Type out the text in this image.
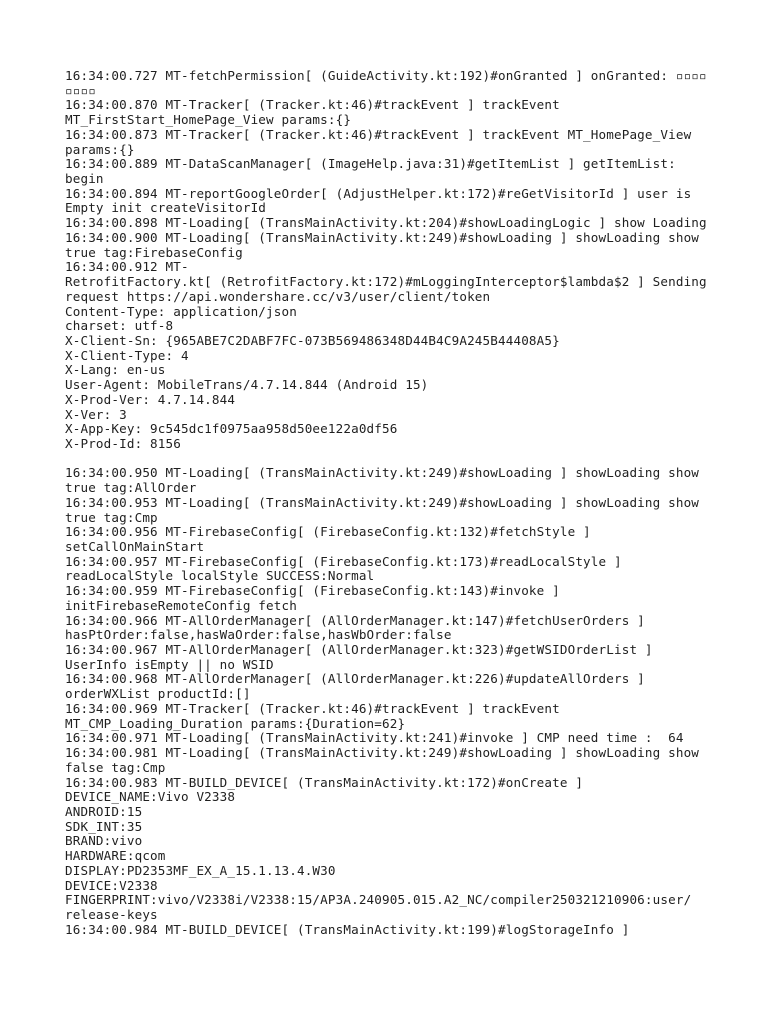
16:34:00.727 MT-fetchPermission[ (GuideActivity.kt:192)#onGranted ] onGranted: ▫▫▫▫
▫▫▫▫
16:34:00.870 MT-Tracker[ (Tracker.kt:46)#trackEvent ] trackEvent
MT_FirstStart_HomePage_View params:{}
16:34:00.873 MT-Tracker[ (Tracker.kt:46)#trackEvent ] trackEvent MT_HomePage_View
params:{}
16:34:00.889 MT-DataScanManager[ (ImageHelp.java:31)#getItemList ] getItemList:
begin
16:34:00.894 MT-reportGoogleOrder[ (AdjustHelper.kt:172)#reGetVisitorId ] user is
Empty init createVisitorId
16:34:00.898 MT-Loading[ (TransMainActivity.kt:204)#showLoadingLogic ] show Loading
16:34:00.900 MT-Loading[ (TransMainActivity.kt:249)#showLoading ] showLoading show
true tag:FirebaseConfig
16:34:00.912 MT-
RetrofitFactory.kt[ (RetrofitFactory.kt:172)#mLoggingInterceptor$lambda$2 ] Sending
request https://api.wondershare.cc/v3/user/client/token
Content-Type: application/json
charset: utf-8
X-Client-Sn: {965ABE7C2DABF7FC-073B569486348D44B4C9A245B44408A5}
X-Client-Type: 4
X-Lang: en-us
User-Agent: MobileTrans/4.7.14.844 (Android 15)
X-Prod-Ver: 4.7.14.844
X-Ver: 3
X-App-Key: 9c545dc1f0975aa958d50ee122a0df56
X-Prod-Id: 8156

16:34:00.950 MT-Loading[ (TransMainActivity.kt:249)#showLoading ] showLoading show
true tag:AllOrder
16:34:00.953 MT-Loading[ (TransMainActivity.kt:249)#showLoading ] showLoading show
true tag:Cmp
16:34:00.956 MT-FirebaseConfig[ (FirebaseConfig.kt:132)#fetchStyle ]
setCallOnMainStart
16:34:00.957 MT-FirebaseConfig[ (FirebaseConfig.kt:173)#readLocalStyle ]
readLocalStyle localStyle SUCCESS:Normal
16:34:00.959 MT-FirebaseConfig[ (FirebaseConfig.kt:143)#invoke ]
initFirebaseRemoteConfig fetch
16:34:00.966 MT-AllOrderManager[ (AllOrderManager.kt:147)#fetchUserOrders ]
hasPtOrder:false,hasWaOrder:false,hasWbOrder:false
16:34:00.967 MT-AllOrderManager[ (AllOrderManager.kt:323)#getWSIDOrderList ]
UserInfo isEmpty || no WSID
16:34:00.968 MT-AllOrderManager[ (AllOrderManager.kt:226)#updateAllOrders ]
orderWXList productId:[]
16:34:00.969 MT-Tracker[ (Tracker.kt:46)#trackEvent ] trackEvent
MT_CMP_Loading_Duration params:{Duration=62}
16:34:00.971 MT-Loading[ (TransMainActivity.kt:241)#invoke ] CMP need time :  64
16:34:00.981 MT-Loading[ (TransMainActivity.kt:249)#showLoading ] showLoading show
false tag:Cmp
16:34:00.983 MT-BUILD_DEVICE[ (TransMainActivity.kt:172)#onCreate ]
DEVICE_NAME:Vivo V2338
ANDROID:15
SDK_INT:35
BRAND:vivo
HARDWARE:qcom
DISPLAY:PD2353MF_EX_A_15.1.13.4.W30
DEVICE:V2338
FINGERPRINT:vivo/V2338i/V2338:15/AP3A.240905.015.A2_NC/compiler250321210906:user/
release-keys
16:34:00.984 MT-BUILD_DEVICE[ (TransMainActivity.kt:199)#logStorageInfo ]
